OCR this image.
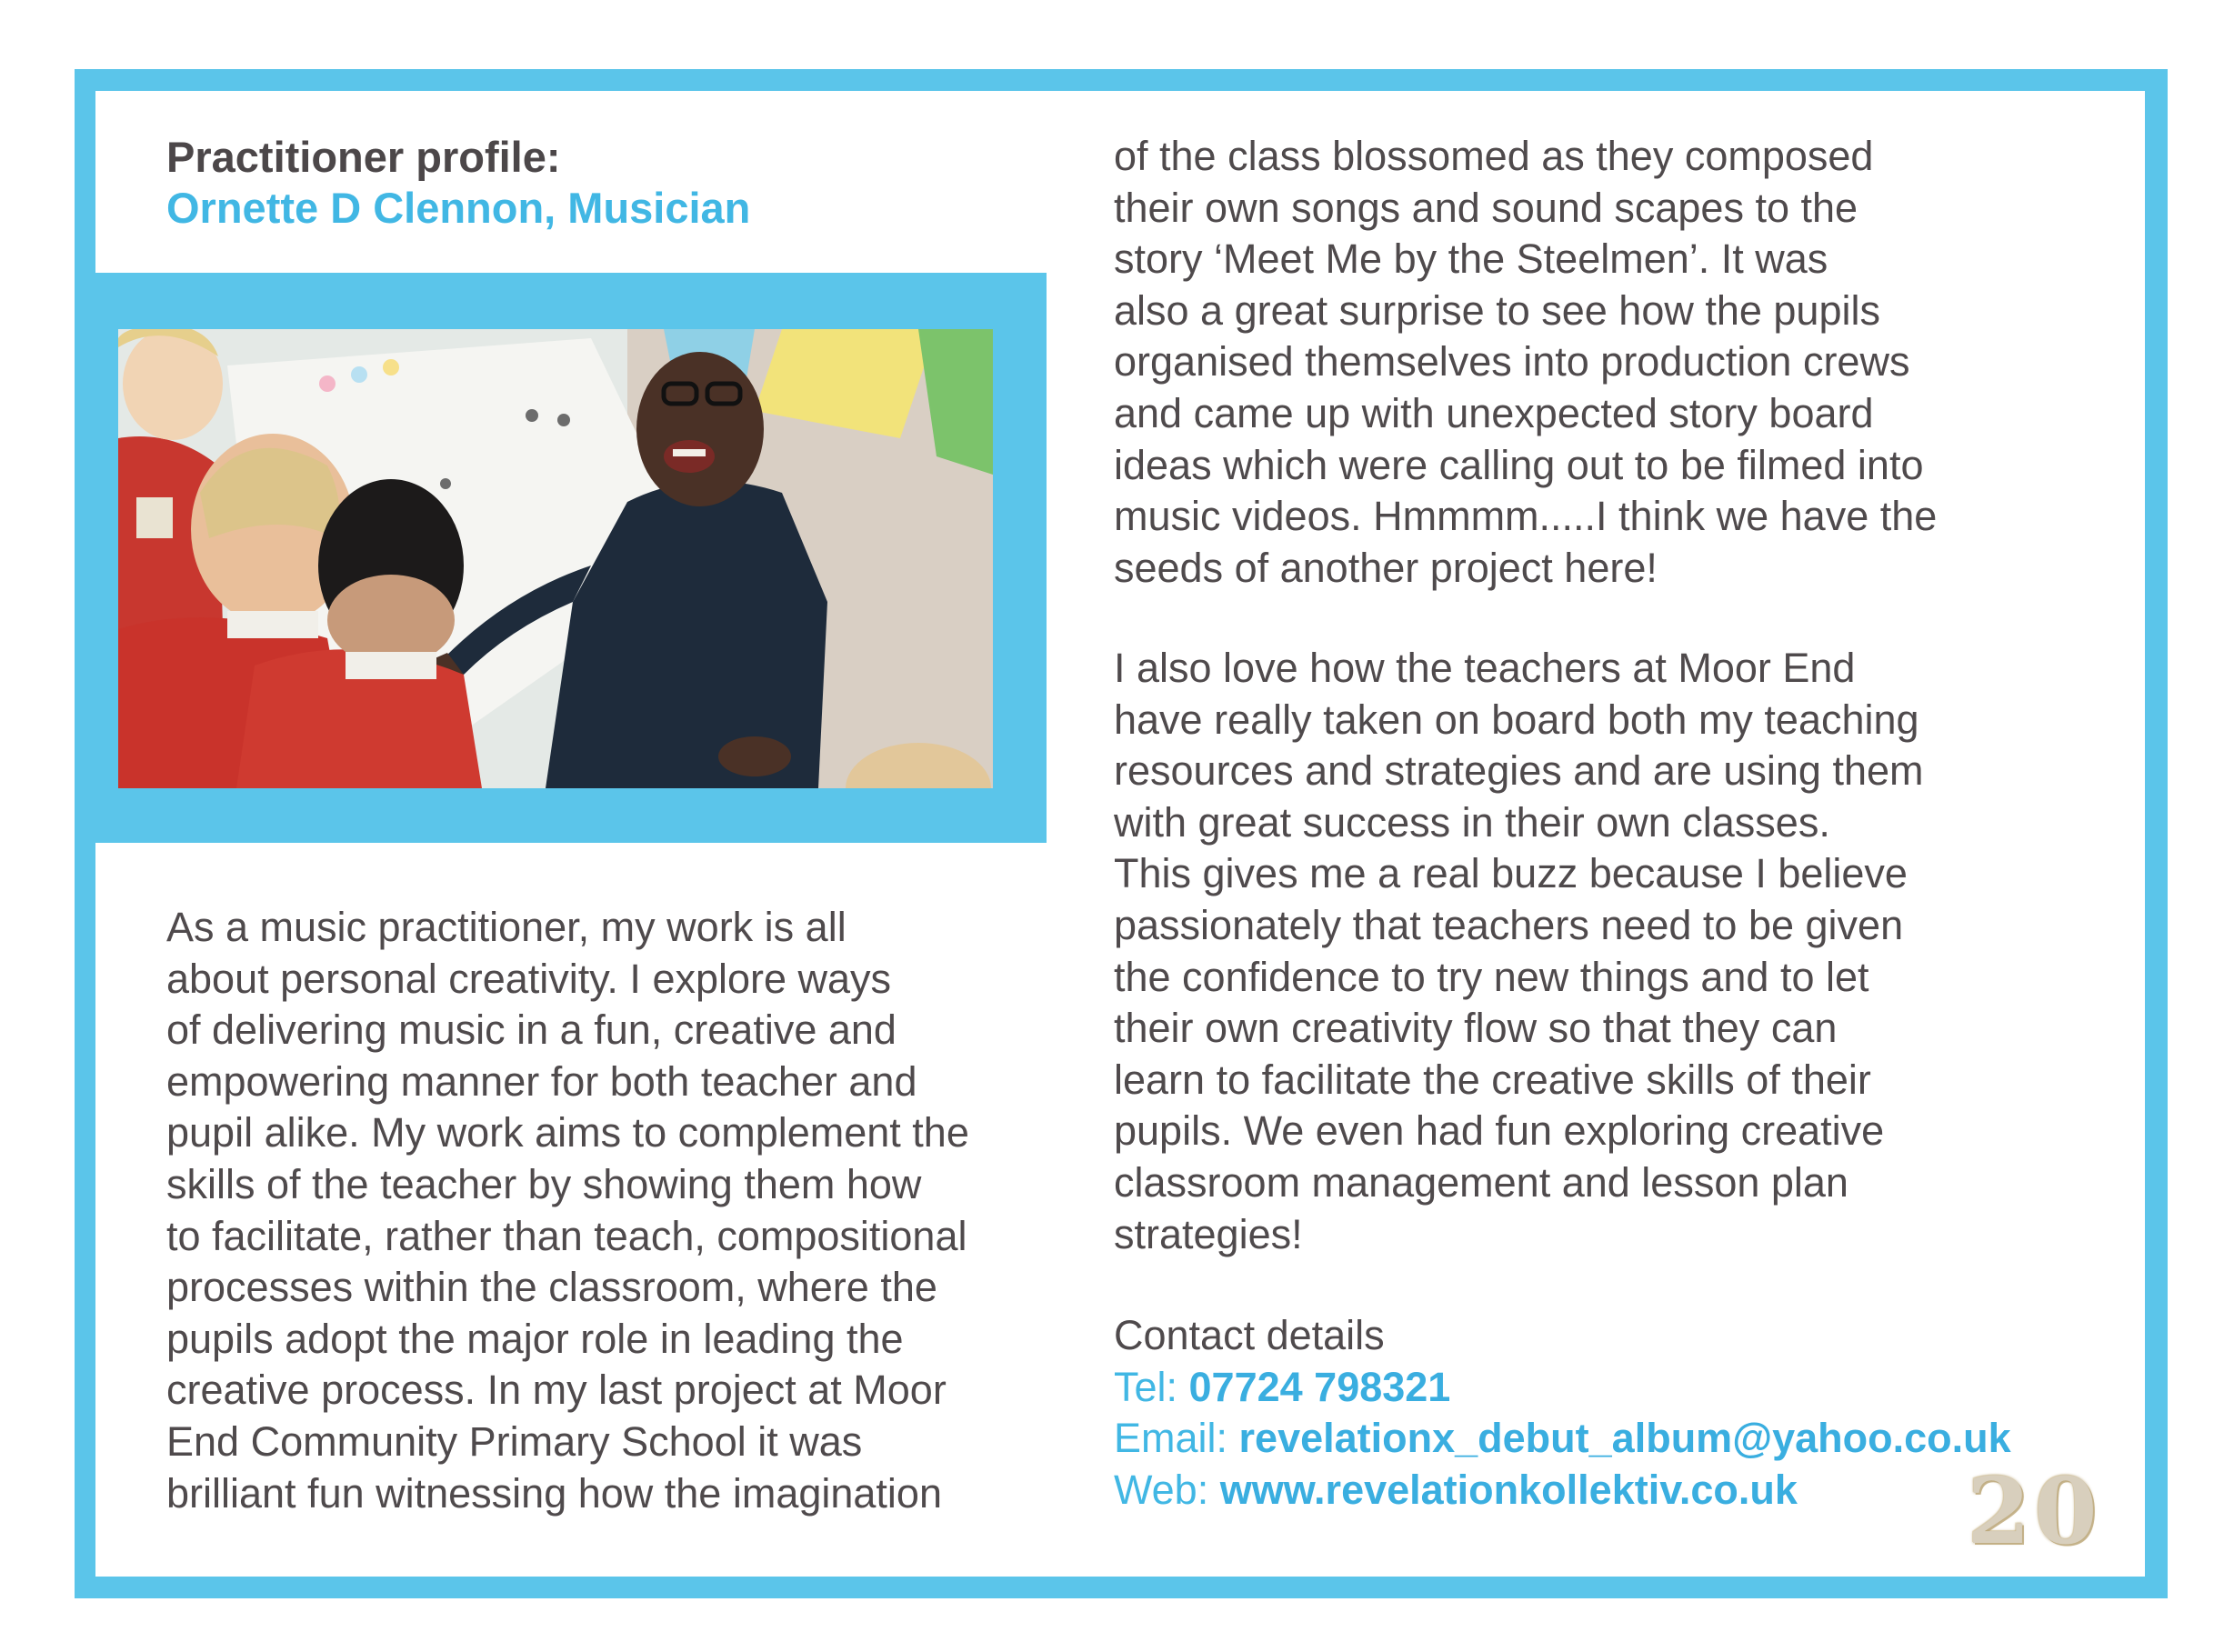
Practitioner profile:
Ornette D Clennon, Musician
As a music practitioner, my work is all
about personal creativity. I explore ways
of delivering music in a fun, creative and
empowering manner for both teacher and
pupil alike. My work aims to complement the
skills of the teacher by showing them how
to facilitate, rather than teach, compositional
processes within the classroom, where the
pupils adopt the major role in leading the
creative process. In my last project at Moor
End Community Primary School it was
brilliant fun witnessing how the imagination
of the class blossomed as they composed
their own songs and sound scapes to the
story ‘Meet Me by the Steelmen’. It was
also a great surprise to see how the pupils
organised themselves into production crews
and came up with unexpected story board
ideas which were calling out to be filmed into
music videos. Hmmmm.....I think we have the
seeds of another project here!
I also love how the teachers at Moor End
have really taken on board both my teaching
resources and strategies and are using them
with great success in their own classes.
This gives me a real buzz because I believe
passionately that teachers need to be given
the confidence to try new things and to let
their own creativity flow so that they can
learn to facilitate the creative skills of their
pupils. We even had fun exploring creative
classroom management and lesson plan
strategies!
Contact details
Tel: 07724 798321
Email: revelationx_debut_album@yahoo.co.uk
Web: www.revelationkollektiv.co.uk	20
